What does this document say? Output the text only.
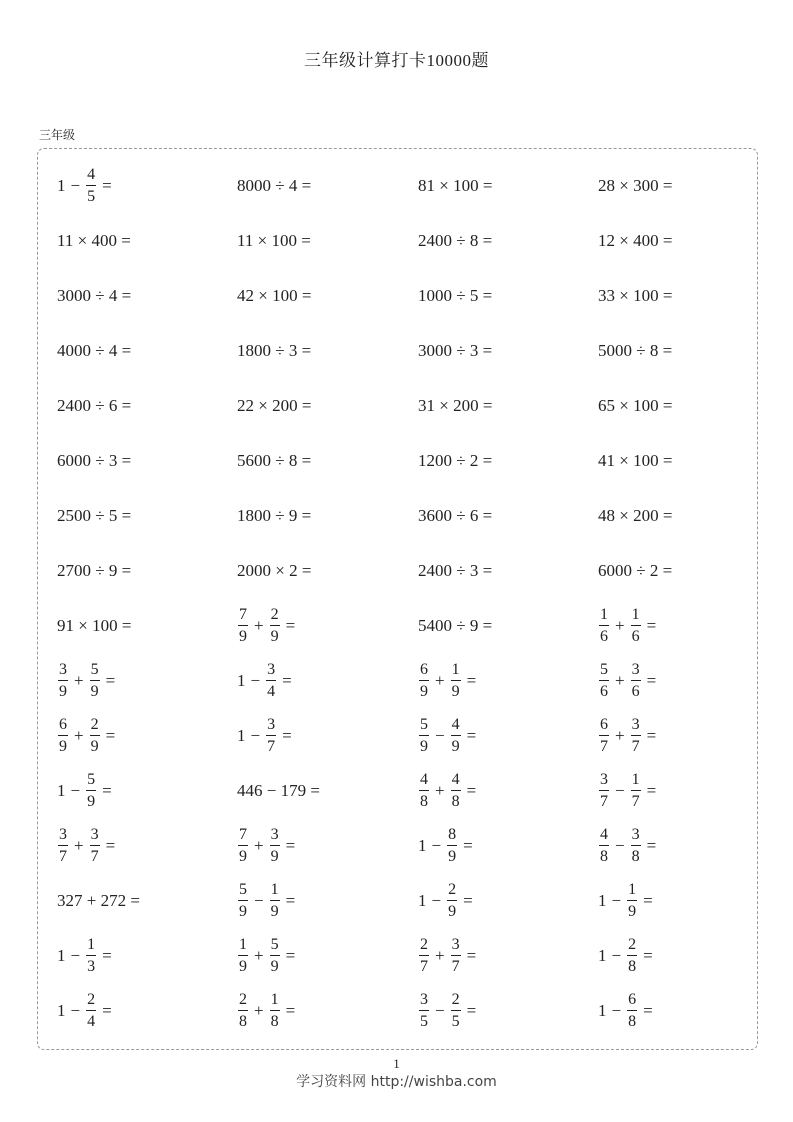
三年级计算打卡10000题
三年级
$1 - \frac{4}{5}$ =	8000 ÷ 4 =	81 × 100 =	28 × 300 =
11 × 400 =	11 × 100 =	2400 ÷ 8 =	12 × 400 =
3000 ÷ 4 =	42 × 100 =	1000 ÷ 5 =	33 × 100 =
4000 ÷ 4 =	1800 ÷ 3 =	3000 ÷ 3 =	5000 ÷ 8 =
2400 ÷ 6 =	22 × 200 =	31 × 200 =	65 × 100 =
6000 ÷ 3 =	5600 ÷ 8 =	1200 ÷ 2 =	41 × 100 =
2500 ÷ 5 =	1800 ÷ 9 =	3600 ÷ 6 =	48 × 200 =
2700 ÷ 9 =	2000 × 2 =	2400 ÷ 3 =	6000 ÷ 2 =
91 × 100 =	$\frac{7}{9} + \frac{2}{9}$ =	5400 ÷ 9 =	$\frac{1}{6} + \frac{1}{6}$ =
$\frac{3}{9} + \frac{5}{9}$ =	$1 - \frac{3}{4}$ =	$\frac{6}{9} + \frac{1}{9}$ =	$\frac{5}{6} + \frac{3}{6}$ =
$\frac{6}{9} + \frac{2}{9}$ =	$1 - \frac{3}{7}$ =	$\frac{5}{9} - \frac{4}{9}$ =	$\frac{6}{7} + \frac{3}{7}$ =
$1 - \frac{5}{9}$ =	446 − 179 =	$\frac{4}{8} + \frac{4}{8}$ =	$\frac{3}{7} - \frac{1}{7}$ =
$\frac{3}{7} + \frac{3}{7}$ =	$\frac{7}{9} + \frac{3}{9}$ =	$1 - \frac{8}{9}$ =	$\frac{4}{8} - \frac{3}{8}$ =
327 + 272 =	$\frac{5}{9} - \frac{1}{9}$ =	$1 - \frac{2}{9}$ =	$1 - \frac{1}{9}$ =
$1 - \frac{1}{3}$ =	$\frac{1}{9} + \frac{5}{9}$ =	$\frac{2}{7} + \frac{3}{7}$ =	$1 - \frac{2}{8}$ =
$1 - \frac{2}{4}$ =	$\frac{2}{8} + \frac{1}{8}$ =	$\frac{3}{5} - \frac{2}{5}$ =	$1 - \frac{6}{8}$ =
1
学习资料网 http://wishba.com
